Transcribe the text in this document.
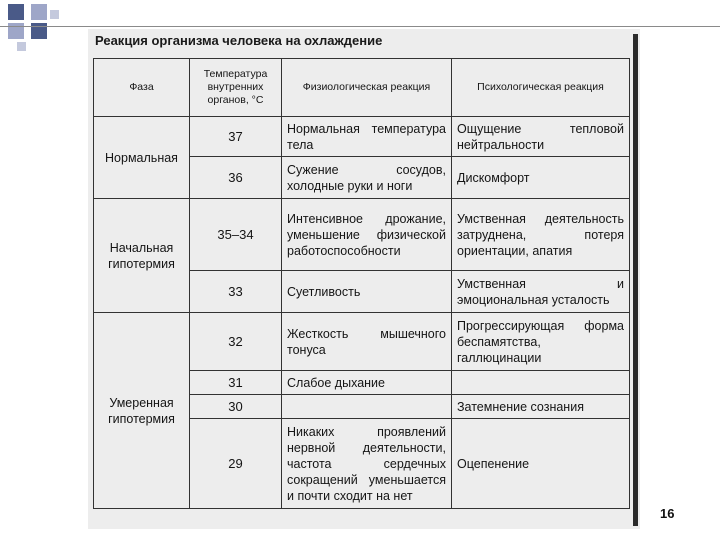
Реакция организма человека на охлаждение
Фаза	Температура внутренних органов, °С	Физиологическая реакция	Психологическая реакция
Нормальная	37	Нормальная температура тела	Ощущение тепловой нейтральности
	36	Сужение сосудов, холодные руки и ноги	Дискомфорт
Начальная гипотермия	35–34	Интенсивное дрожание, уменьшение физической работоспособности	Умственная деятельность затруднена, потеря ориентации, апатия
	33	Суетливость	Умственная и эмоциональная усталость
Умеренная гипотермия	32	Жесткость мышечного тонуса	Прогрессирующая форма беспамятства, галлюцинации
	31	Слабое дыхание	
	30		Затемнение сознания
	29	Никаких проявлений нервной деятельности, частота сердечных сокращений уменьшается и почти сходит на нет	Оцепенение
16
